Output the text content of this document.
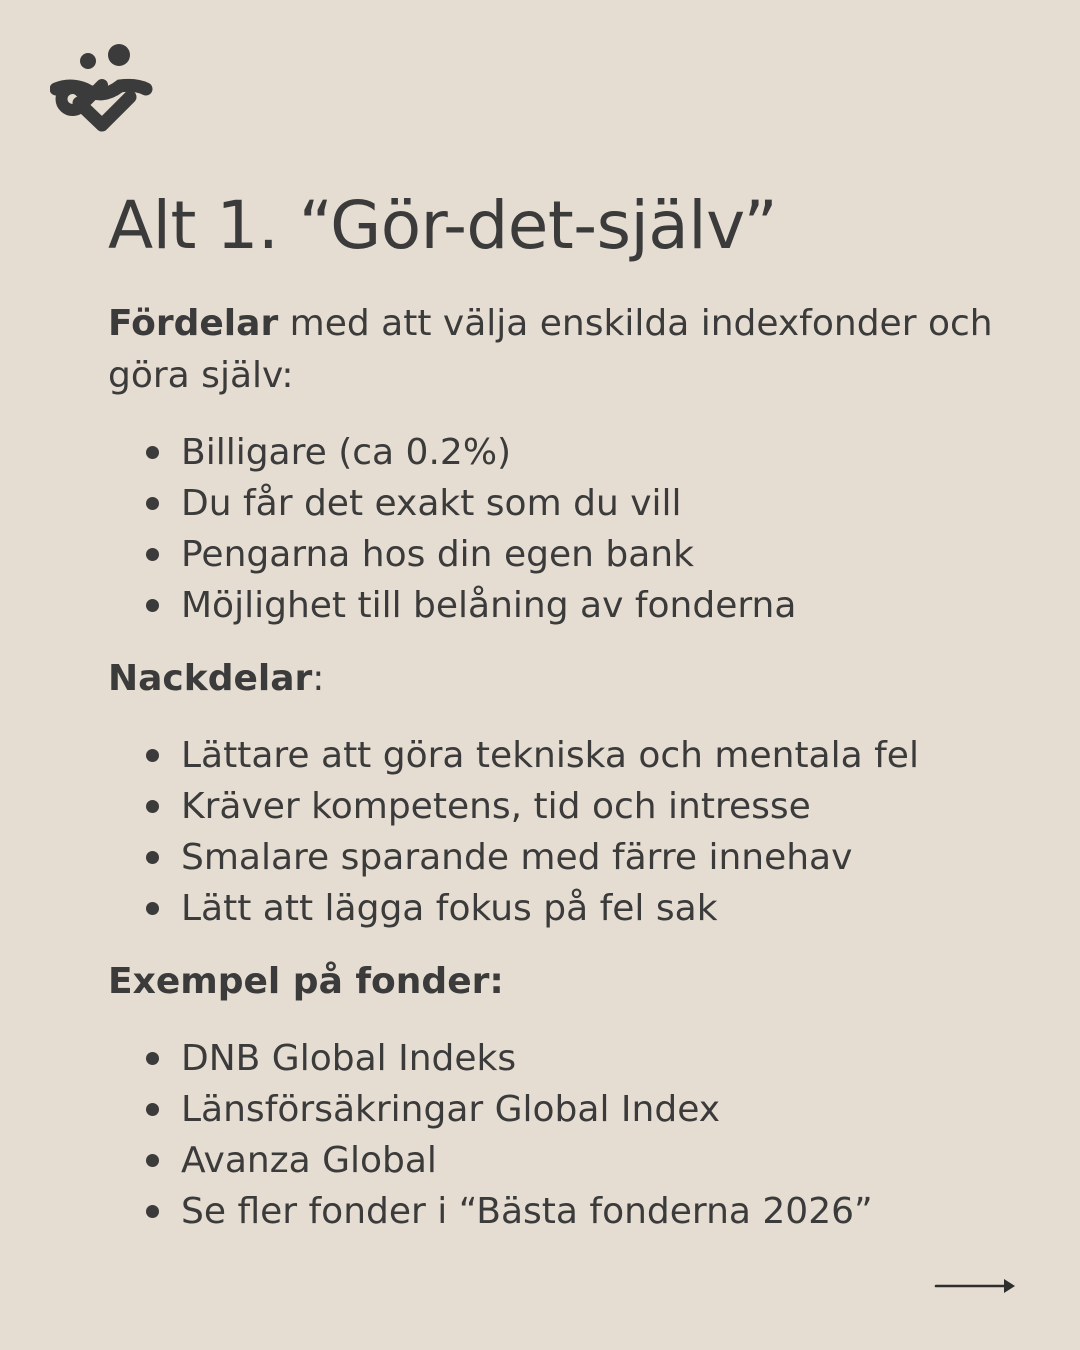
Alt 1. “Gör-det-själv”

Fördelar med att välja enskilda indexfonder och göra själv:

Billigare (ca 0.2%)
Du får det exakt som du vill
Pengarna hos din egen bank
Möjlighet till belåning av fonderna

Nackdelar:

Lättare att göra tekniska och mentala fel
Kräver kompetens, tid och intresse
Smalare sparande med färre innehav
Lätt att lägga fokus på fel sak

Exempel på fonder:

DNB Global Indeks
Länsförsäkringar Global Index
Avanza Global
Se fler fonder i “Bästa fonderna 2026”
